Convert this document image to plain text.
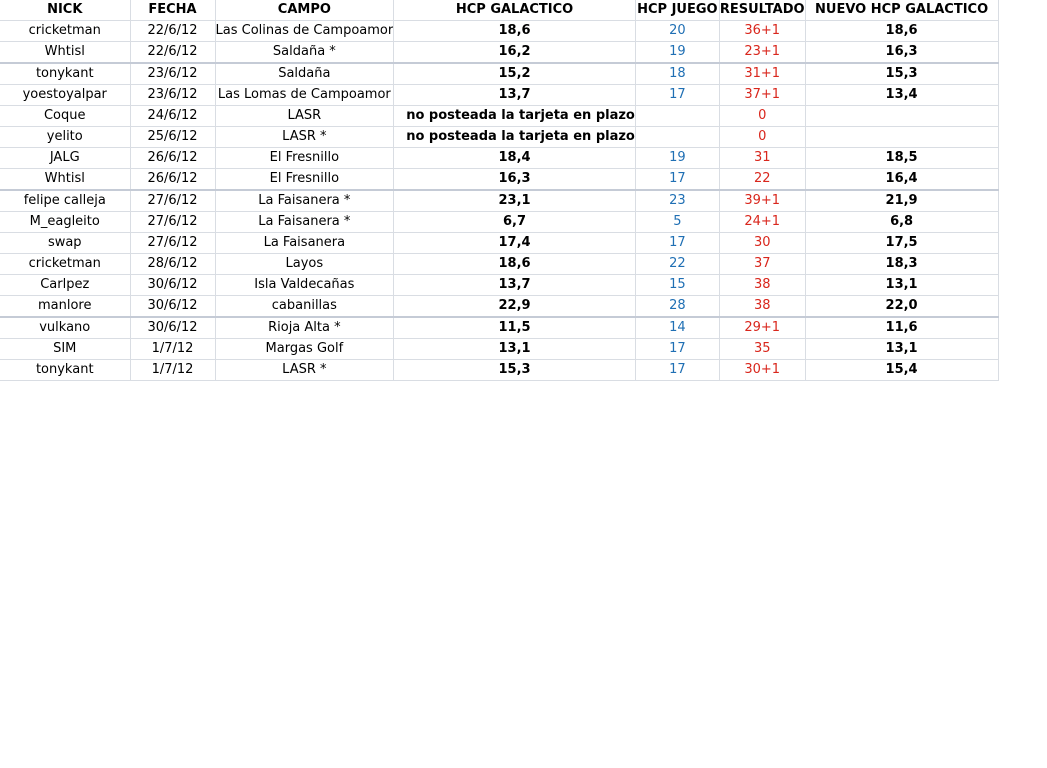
NICK	FECHA	CAMPO	HCP GALACTICO	HCP JUEGO	RESULTADO	NUEVO HCP GALACTICO
cricketman	22/6/12	Las Colinas de Campoamor	18,6	20	36+1	18,6
Whtisl	22/6/12	Saldaña *	16,2	19	23+1	16,3
tonykant	23/6/12	Saldaña	15,2	18	31+1	15,3
yoestoyalpar	23/6/12	Las Lomas de Campoamor	13,7	17	37+1	13,4
Coque	24/6/12	LASR	no posteada la tarjeta en plazo		0	
yelito	25/6/12	LASR *	no posteada la tarjeta en plazo		0	
JALG	26/6/12	El Fresnillo	18,4	19	31	18,5
Whtisl	26/6/12	El Fresnillo	16,3	17	22	16,4
felipe calleja	27/6/12	La Faisanera *	23,1	23	39+1	21,9
M_eagleito	27/6/12	La Faisanera *	6,7	5	24+1	6,8
swap	27/6/12	La Faisanera	17,4	17	30	17,5
cricketman	28/6/12	Layos	18,6	22	37	18,3
Carlpez	30/6/12	Isla Valdecañas	13,7	15	38	13,1
manlore	30/6/12	cabanillas	22,9	28	38	22,0
vulkano	30/6/12	Rioja Alta *	11,5	14	29+1	11,6
SIM	1/7/12	Margas Golf	13,1	17	35	13,1
tonykant	1/7/12	LASR *	15,3	17	30+1	15,4
